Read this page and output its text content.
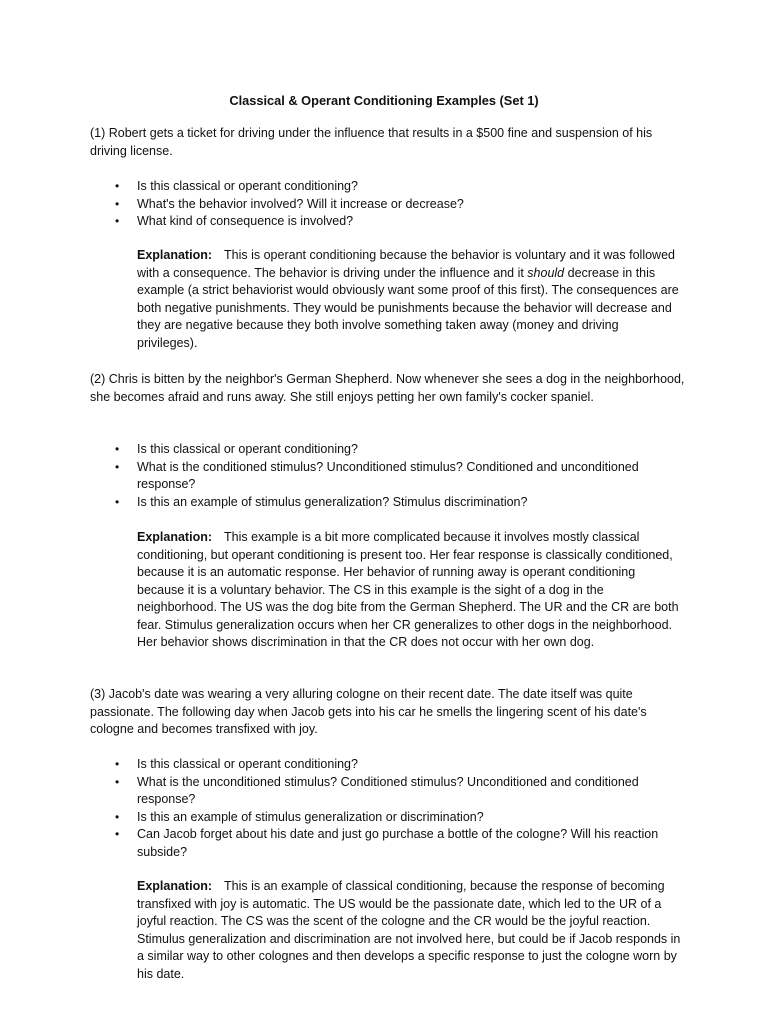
Classical & Operant Conditioning Examples (Set 1)

(1) Robert gets a ticket for driving under the influence that results in a $500 fine and suspension of his driving license.

• Is this classical or operant conditioning?
• What's the behavior involved? Will it increase or decrease?
• What kind of consequence is involved?

Explanation: This is operant conditioning because the behavior is voluntary and it was followed with a consequence. The behavior is driving under the influence and it should decrease in this example (a strict behaviorist would obviously want some proof of this first). The consequences are both negative punishments. They would be punishments because the behavior will decrease and they are negative because they both involve something taken away (money and driving privileges).

(2) Chris is bitten by the neighbor's German Shepherd. Now whenever she sees a dog in the neighborhood, she becomes afraid and runs away. She still enjoys petting her own family's cocker spaniel.

• Is this classical or operant conditioning?
• What is the conditioned stimulus? Unconditioned stimulus? Conditioned and unconditioned response?
• Is this an example of stimulus generalization? Stimulus discrimination?

Explanation: This example is a bit more complicated because it involves mostly classical conditioning, but operant conditioning is present too. Her fear response is classically conditioned, because it is an automatic response. Her behavior of running away is operant conditioning because it is a voluntary behavior. The CS in this example is the sight of a dog in the neighborhood. The US was the dog bite from the German Shepherd. The UR and the CR are both fear. Stimulus generalization occurs when her CR generalizes to other dogs in the neighborhood. Her behavior shows discrimination in that the CR does not occur with her own dog.

(3) Jacob's date was wearing a very alluring cologne on their recent date. The date itself was quite passionate. The following day when Jacob gets into his car he smells the lingering scent of his date's cologne and becomes transfixed with joy.

• Is this classical or operant conditioning?
• What is the unconditioned stimulus? Conditioned stimulus? Unconditioned and conditioned response?
• Is this an example of stimulus generalization or discrimination?
• Can Jacob forget about his date and just go purchase a bottle of the cologne? Will his reaction subside?

Explanation: This is an example of classical conditioning, because the response of becoming transfixed with joy is automatic. The US would be the passionate date, which led to the UR of a joyful reaction. The CS was the scent of the cologne and the CR would be the joyful reaction. Stimulus generalization and discrimination are not involved here, but could be if Jacob responds in a similar way to other colognes and then develops a specific response to just the cologne worn by his date.
